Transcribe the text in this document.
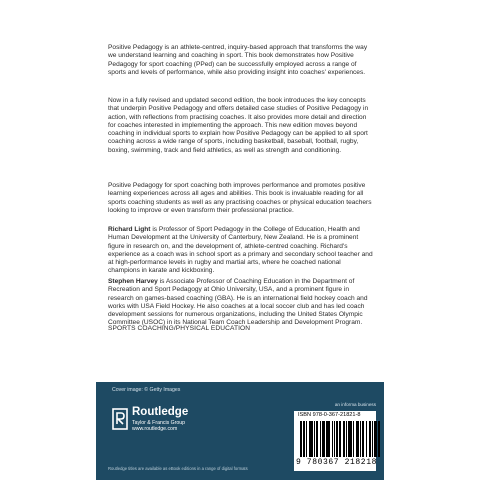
Positive Pedagogy is an athlete-centred, inquiry-based approach that transforms the way we understand learning and coaching in sport. This book demonstrates how Positive Pedagogy for sport coaching (PPed) can be successfully employed across a range of sports and levels of performance, while also providing insight into coaches' experiences.

Now in a fully revised and updated second edition, the book introduces the key concepts that underpin Positive Pedagogy and offers detailed case studies of Positive Pedagogy in action, with reflections from practising coaches. It also provides more detail and direction for coaches interested in implementing the approach. This new edition moves beyond coaching in individual sports to explain how Positive Pedagogy can be applied to all sport coaching across a wide range of sports, including basketball, baseball, football, rugby, boxing, swimming, track and field athletics, as well as strength and conditioning.

Positive Pedagogy for sport coaching both improves performance and promotes positive learning experiences across all ages and abilities. This book is invaluable reading for all sports coaching students as well as any practising coaches or physical education teachers looking to improve or even transform their professional practice.

Richard Light is Professor of Sport Pedagogy in the College of Education, Health and Human Development at the University of Canterbury, New Zealand. He is a prominent figure in research on, and the development of, athlete-centred coaching. Richard's experience as a coach was in school sport as a primary and secondary school teacher and at high-performance levels in rugby and martial arts, where he coached national champions in karate and kickboxing.

Stephen Harvey is Associate Professor of Coaching Education in the Department of Recreation and Sport Pedagogy at Ohio University, USA, and a prominent figure in research on games-based coaching (GBA). He is an international field hockey coach and works with USA Field Hockey. He also coaches at a local soccer club and has led coach development sessions for numerous organizations, including the United States Olympic Committee (USOC) in its National Team Coach Leadership and Development Program.

SPORTS COACHING/PHYSICAL EDUCATION
Cover image: © Getty Images
Routledge
Taylor & Francis Group
www.routledge.com
an informa business
ISBN 978-0-367-21821-8
9 780367 218218
Routledge titles are available as eBook editions in a range of digital formats
